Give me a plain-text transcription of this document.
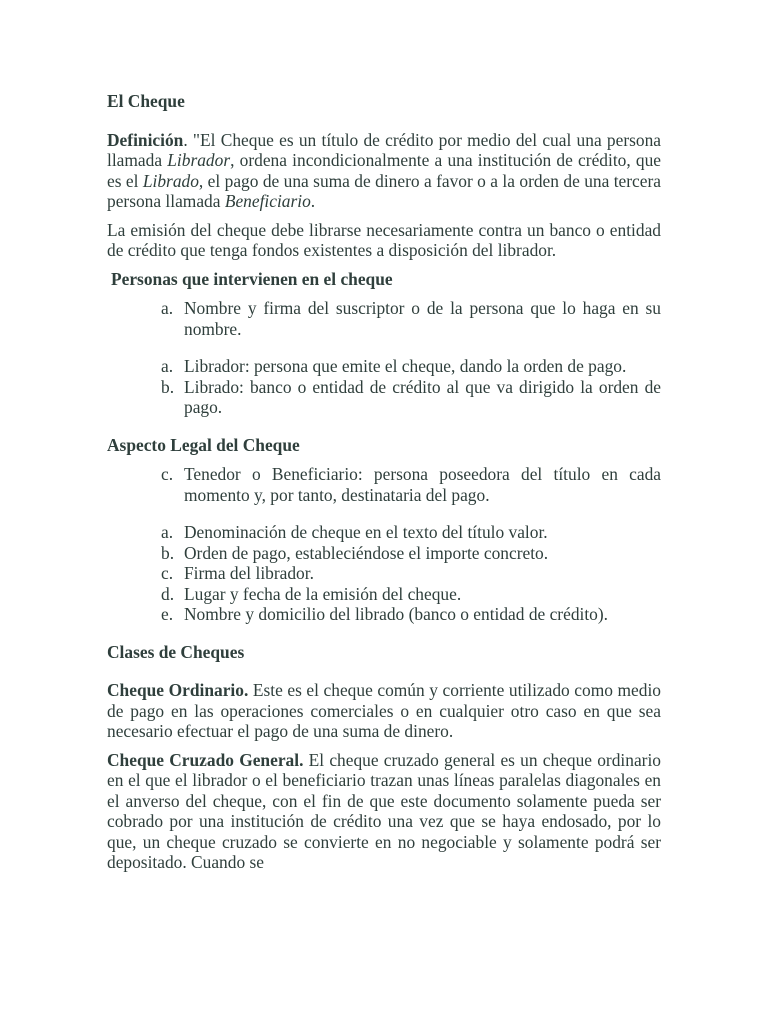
El Cheque

Definición. "El Cheque es un título de crédito por medio del cual una persona llamada Librador, ordena incondicionalmente a una institución de crédito, que es el Librado, el pago de una suma de dinero a favor o a la orden de una tercera persona llamada Beneficiario.

La emisión del cheque debe librarse necesariamente contra un banco o entidad de crédito que tenga fondos existentes a disposición del librador.

Personas que intervienen en el cheque
a. Nombre y firma del suscriptor o de la persona que lo haga en su nombre.
a. Librador: persona que emite el cheque, dando la orden de pago.
b. Librado: banco o entidad de crédito al que va dirigido la orden de pago.
Aspecto Legal del Cheque
c. Tenedor o Beneficiario: persona poseedora del título en cada momento y, por tanto, destinataria del pago.
a. Denominación de cheque en el texto del título valor.
b. Orden de pago, estableciéndose el importe concreto.
c. Firma del librador.
d. Lugar y fecha de la emisión del cheque.
e. Nombre y domicilio del librado (banco o entidad de crédito).
Clases de Cheques

Cheque Ordinario. Este es el cheque común y corriente utilizado como medio de pago en las operaciones comerciales o en cualquier otro caso en que sea necesario efectuar el pago de una suma de dinero.

Cheque Cruzado General. El cheque cruzado general es un cheque ordinario en el que el librador o el beneficiario trazan unas líneas paralelas diagonales en el anverso del cheque, con el fin de que este documento solamente pueda ser cobrado por una institución de crédito una vez que se haya endosado, por lo que, un cheque cruzado se convierte en no negociable y solamente podrá ser depositado. Cuando se
